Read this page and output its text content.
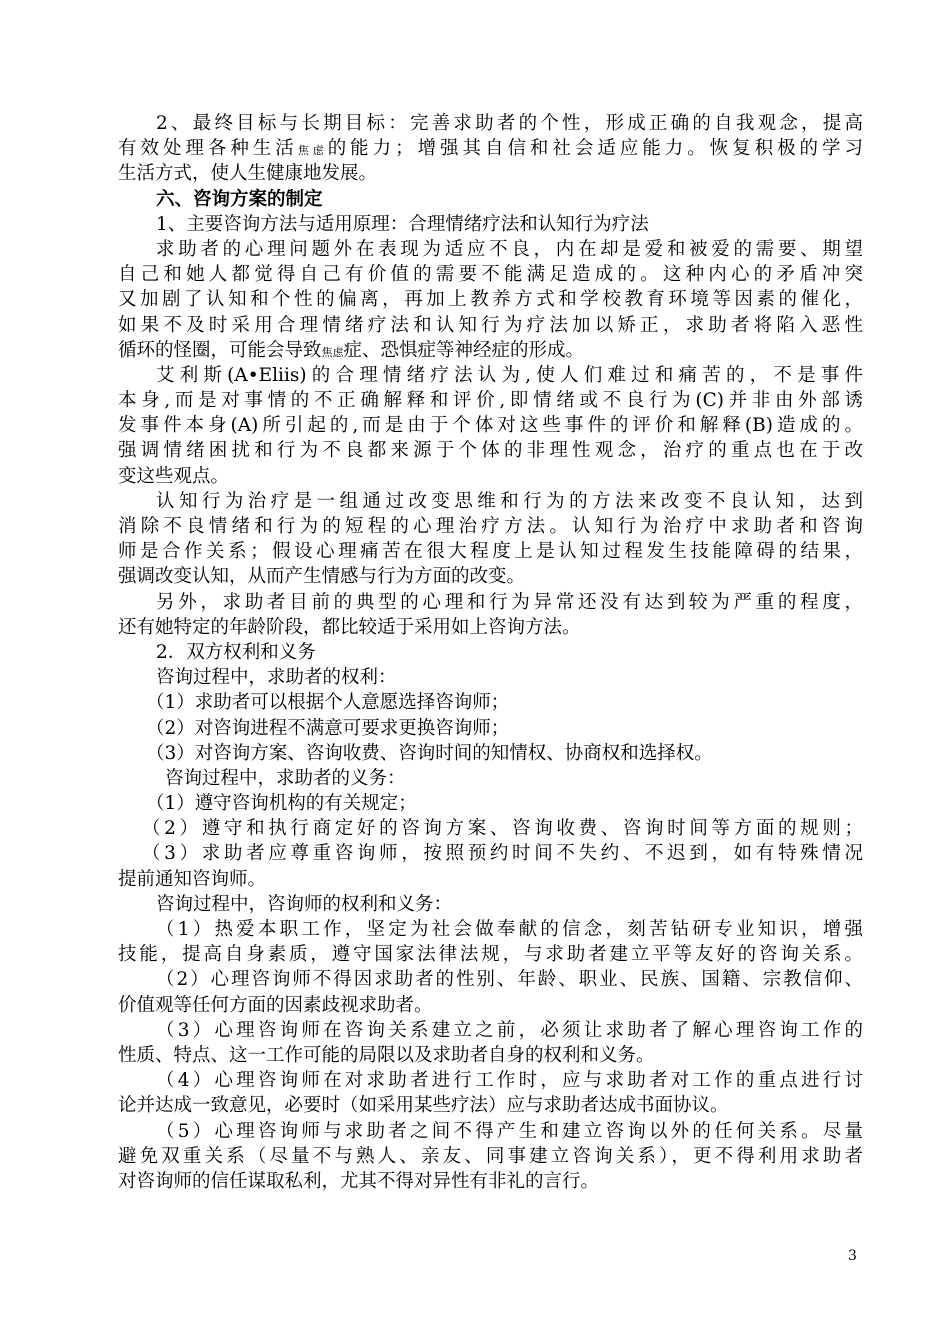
2、最终目标与长期目标：完善求助者的个性，形成正确的自我观念，提高
有效处理各种生活焦虑的能力；增强其自信和社会适应能力。恢复积极的学习
生活方式，使人生健康地发展。
六、咨询方案的制定
1、主要咨询方法与适用原理：合理情绪疗法和认知行为疗法
求助者的心理问题外在表现为适应不良，内在却是爱和被爱的需要、期望
自己和她人都觉得自己有价值的需要不能满足造成的。这种内心的矛盾冲突
又加剧了认知和个性的偏离，再加上教养方式和学校教育环境等因素的催化，
如果不及时采用合理情绪疗法和认知行为疗法加以矫正，求助者将陷入恶性
循环的怪圈，可能会导致焦虑症、恐惧症等神经症的形成。
艾利斯(A•Eliis)的合理情绪疗法认为,使人们难过和痛苦的，不是事件
本身,而是对事情的不正确解释和评价,即情绪或不良行为(C)并非由外部诱
发事件本身(A)所引起的,而是由于个体对这些事件的评价和解释(B)造成的。
强调情绪困扰和行为不良都来源于个体的非理性观念，治疗的重点也在于改
变这些观点。
认知行为治疗是一组通过改变思维和行为的方法来改变不良认知，达到
消除不良情绪和行为的短程的心理治疗方法。认知行为治疗中求助者和咨询
师是合作关系；假设心理痛苦在很大程度上是认知过程发生技能障碍的结果，
强调改变认知，从而产生情感与行为方面的改变。
另外，求助者目前的典型的心理和行为异常还没有达到较为严重的程度，
还有她特定的年龄阶段，都比较适于采用如上咨询方法。
2．双方权利和义务
咨询过程中，求助者的权利：
（1）求助者可以根据个人意愿选择咨询师；
（2）对咨询进程不满意可要求更换咨询师；
（3）对咨询方案、咨询收费、咨询时间的知情权、协商权和选择权。
咨询过程中，求助者的义务：
（1）遵守咨询机构的有关规定；
（2）遵守和执行商定好的咨询方案、咨询收费、咨询时间等方面的规则；
（3）求助者应尊重咨询师，按照预约时间不失约、不迟到，如有特殊情况
提前通知咨询师。
咨询过程中，咨询师的权利和义务：
（1）热爱本职工作，坚定为社会做奉献的信念，刻苦钻研专业知识，增强
技能，提高自身素质，遵守国家法律法规，与求助者建立平等友好的咨询关系。
（2）心理咨询师不得因求助者的性别、年龄、职业、民族、国籍、宗教信仰、
价值观等任何方面的因素歧视求助者。
（3）心理咨询师在咨询关系建立之前，必须让求助者了解心理咨询工作的
性质、特点、这一工作可能的局限以及求助者自身的权利和义务。
（4）心理咨询师在对求助者进行工作时，应与求助者对工作的重点进行讨
论并达成一致意见，必要时（如采用某些疗法）应与求助者达成书面协议。
（5）心理咨询师与求助者之间不得产生和建立咨询以外的任何关系。尽量
避免双重关系（尽量不与熟人、亲友、同事建立咨询关系），更不得利用求助者
对咨询师的信任谋取私利，尤其不得对异性有非礼的言行。
3
